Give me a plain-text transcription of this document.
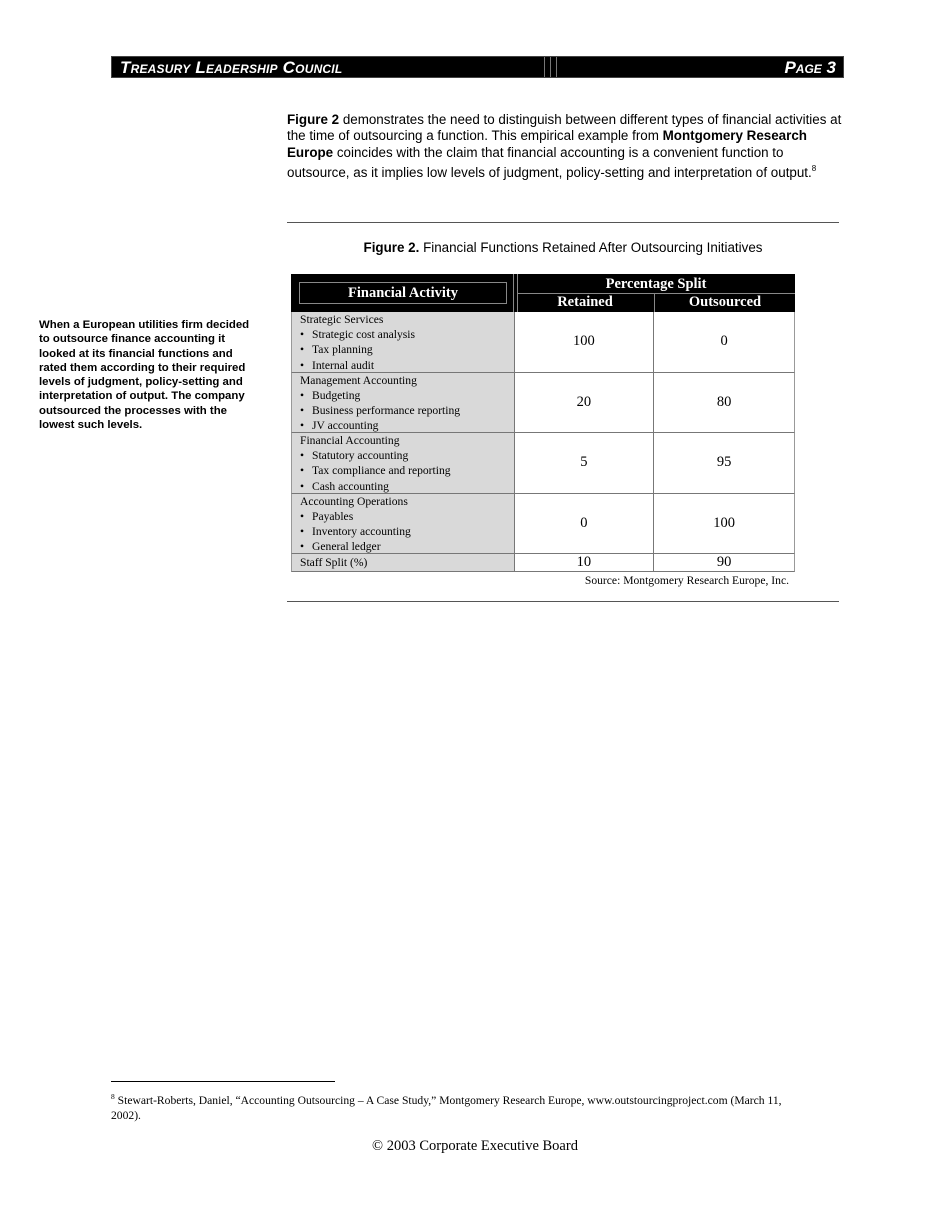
Treasury Leadership Council	Page 3
Figure 2 demonstrates the need to distinguish between different types of financial activities at the time of outsourcing a function. This empirical example from Montgomery Research Europe coincides with the claim that financial accounting is a convenient function to outsource, as it implies low levels of judgment, policy-setting and interpretation of output.$^8$
Figure 2. Financial Functions Retained After Outsourcing Initiatives
When a European utilities firm decided to outsource finance accounting it looked at its financial functions and rated them according to their required levels of judgment, policy-setting and interpretation of output. The company outsourced the processes with the lowest such levels.
Financial Activity
Percentage Split
Retained	Outsourced
Strategic Services
• Strategic cost analysis
• Tax planning
• Internal audit
100	0
Management Accounting
• Budgeting
• Business performance reporting
• JV accounting
20	80
Financial Accounting
• Statutory accounting
• Tax compliance and reporting
• Cash accounting
5	95
Accounting Operations
• Payables
• Inventory accounting
• General ledger
0	100
Staff Split (%)	10	90
Source: Montgomery Research Europe, Inc.
$^8$ Stewart-Roberts, Daniel, “Accounting Outsourcing – A Case Study,” Montgomery Research Europe, www.outstourcingproject.com (March 11, 2002).
© 2003 Corporate Executive Board
